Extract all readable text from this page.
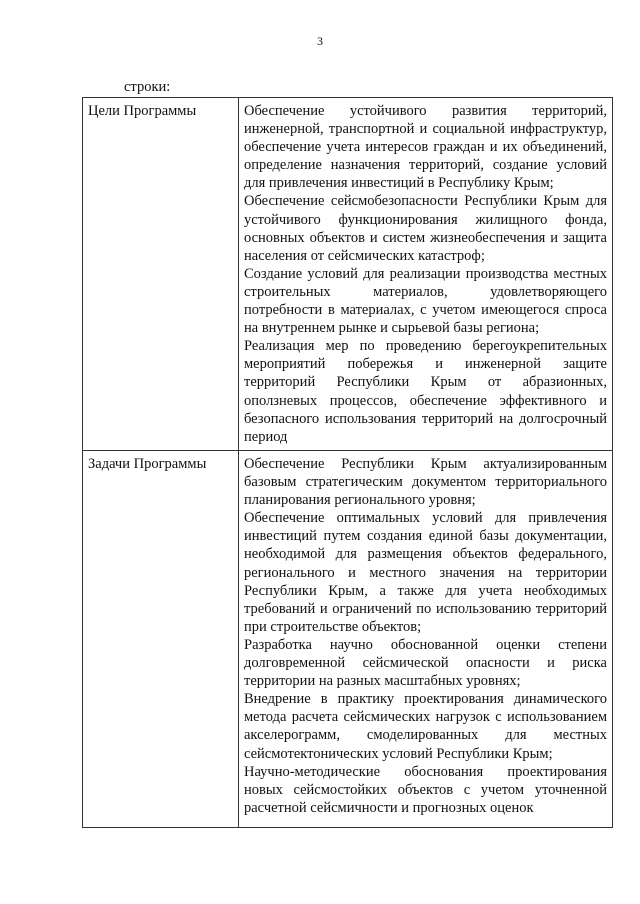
3
строки:
Цели Программы	Обеспечение устойчивого развития территорий, инженерной, транспортной и социальной инфраструктур, обеспечение учета интересов граждан и их объединений, определение назначения территорий, создание условий для привлечения инвестиций в Республику Крым;

Обеспечение сейсмобезопасности Республики Крым для устойчивого функционирования жилищного фонда, основных объектов и систем жизнеобеспечения и защита населения от сейсмических катастроф;

Создание условий для реализации производства местных строительных материалов, удовлетворяющего потребности в материалах, с учетом имеющегося спроса на внутреннем рынке и сырьевой базы региона;

Реализация мер по проведению берегоукрепительных мероприятий побережья и инженерной защите территорий Республики Крым от абразионных, оползневых процессов, обеспечение эффективного и безопасного использования территорий на долгосрочный период

Задачи Программы	Обеспечение Республики Крым актуализированным базовым стратегическим документом территориального планирования регионального уровня;

Обеспечение оптимальных условий для привлечения инвестиций путем создания единой базы документации, необходимой для размещения объектов федерального, регионального и местного значения на территории Республики Крым, а также для учета необходимых требований и ограничений по использованию территорий при строительстве объектов;

Разработка научно обоснованной оценки степени долговременной сейсмической опасности и риска территории на разных масштабных уровнях;

Внедрение в практику проектирования динамического метода расчета сейсмических нагрузок с использованием акселерограмм, смоделированных для местных сейсмотектонических условий Республики Крым;

Научно-методические обоснования проектирования новых сейсмостойких объектов с учетом уточненной расчетной сейсмичности и прогнозных оценок
